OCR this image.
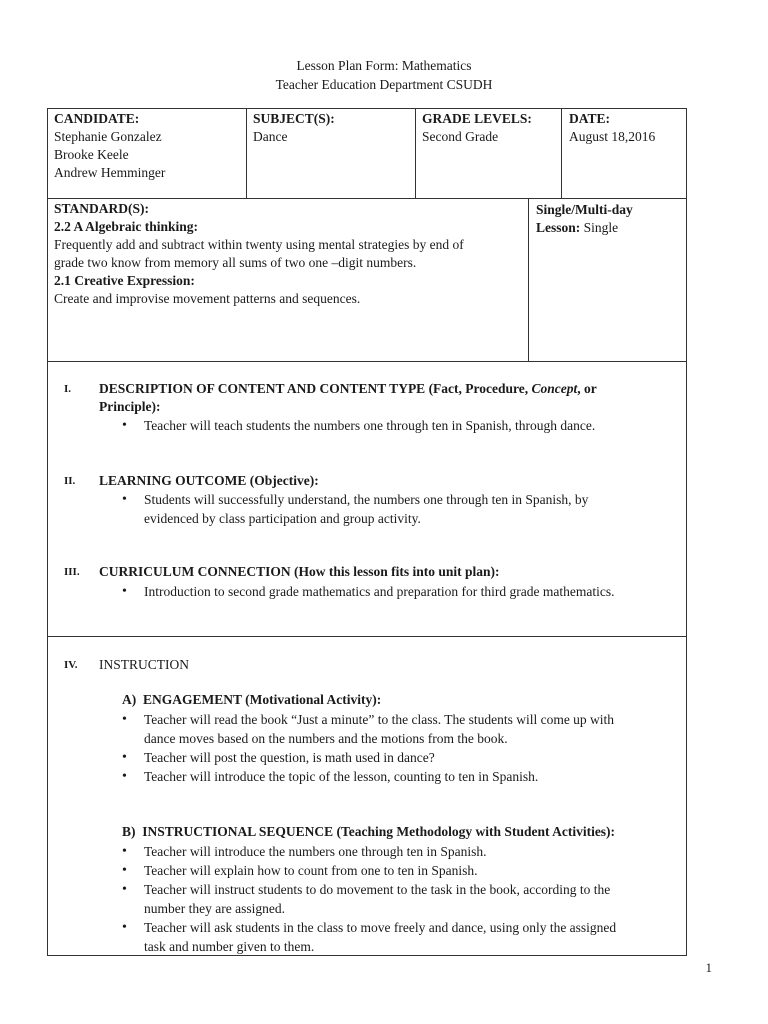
Lesson Plan Form: Mathematics
Teacher Education Department CSUDH
CANDIDATE:
Stephanie Gonzalez
Brooke Keele
Andrew Hemminger
SUBJECT(S):
Dance
GRADE LEVELS:
Second Grade
DATE:
August 18,2016
STANDARD(S):
2.2 A Algebraic thinking:
Frequently add and subtract within twenty using mental strategies by end of
grade two know from memory all sums of two one –digit numbers.
2.1 Creative Expression:
Create and improvise movement patterns and sequences.
Single/Multi-day
Lesson: Single
I. DESCRIPTION OF CONTENT AND CONTENT TYPE (Fact, Procedure, Concept, or
Principle):
• Teacher will teach students the numbers one through ten in Spanish, through dance.
II. LEARNING OUTCOME (Objective):
• Students will successfully understand, the numbers one through ten in Spanish, by
evidenced by class participation and group activity.
III. CURRICULUM CONNECTION (How this lesson fits into unit plan):
• Introduction to second grade mathematics and preparation for third grade mathematics.
IV. INSTRUCTION
A) ENGAGEMENT (Motivational Activity):
• Teacher will read the book “Just a minute” to the class. The students will come up with
dance moves based on the numbers and the motions from the book.
• Teacher will post the question, is math used in dance?
• Teacher will introduce the topic of the lesson, counting to ten in Spanish.
B) INSTRUCTIONAL SEQUENCE (Teaching Methodology with Student Activities):
• Teacher will introduce the numbers one through ten in Spanish.
• Teacher will explain how to count from one to ten in Spanish.
• Teacher will instruct students to do movement to the task in the book, according to the
number they are assigned.
• Teacher will ask students in the class to move freely and dance, using only the assigned
task and number given to them.
1
